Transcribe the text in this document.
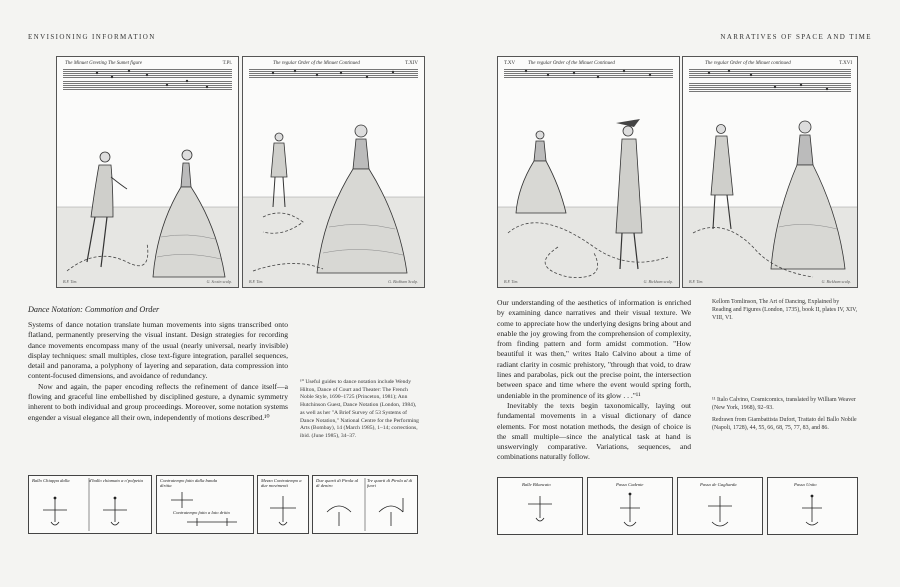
ENVISIONING INFORMATION	NARRATIVES OF SPACE AND TIME
The Minuet Greeting The Sumet figure	T.Pl.
B.F. Tim.	G. Scotin sculp.
The regular Order of the Minuet Continued	T.XIV
B.F. Tim.	G. Bickham Sculp.
T.XV	The regular Order of the Minuet Continued
B.F. Tim.	G. Bickham sculp.
The regular Order of the Minuet continued	T.XVI
B.F. Tim.	G. Bickham sculp.
Dance Notation: Commotion and Order

Systems of dance notation translate human movements into signs transcribed onto flatland, permanently preserving the visual instant. Design strategies for recording dance movements encompass many of the usual (nearly universal, nearly invisible) display techniques: small multiples, close text-figure integration, parallel sequences, detail and panorama, a polyphony of layering and separation, data compression into content-focused dimensions, and avoidance of redundancy.

Now and again, the paper encoding reflects the refinement of dance itself—a flowing and graceful line embellished by disciplined gesture, a dynamic symmetry inherent to both individual and group proceedings. Moreover, some notation systems engender a visual elegance all their own, independently of motions described.¹⁰

¹⁰ Useful guides to dance notation include Wendy Hilton, Dance of Court and Theater: The French Noble Style, 1690–1725 (Princeton, 1981); Ann Hutchinson Guest, Dance Notation (London, 1984), as well as her "A Brief Survey of 53 Systems of Dance Notation," National Centre for the Performing Arts (Bombay), 14 (March 1985), 1–14; corrections, ibid. (June 1985), 34–37.

Our understanding of the aesthetics of information is enriched by examining dance narratives and their visual texture. We come to appreciate how the underlying designs bring about and enable the joy growing from the comprehension of complexity, from finding pattern and form amidst commotion. "How beautiful it was then," writes Italo Calvino about a time of radiant clarity in cosmic prehistory, "through that void, to draw lines and parabolas, pick out the precise point, the intersection between space and time where the event would spring forth, undeniable in the prominence of its glow . . ."¹¹

Inevitably the texts begin taxonomically, laying out fundamental movements in a visual dictionary of dance elements. For most notation methods, the design of choice is the small multiple—since the analytical task at hand is unswervingly comparative. Variations, sequences, and combinations naturally follow.

Kellom Tomlinson, The Art of Dancing, Explained by Reading and Figures (London, 1735), book II, plates IV, XIV, VIII, VI.

¹¹ Italo Calvino, Cosmicomics, translated by William Weaver (New York, 1968), 92–93.

Redrawn from Giambattista Dufort, Trattato del Ballo Nobile (Napoli, 1728), 44, 55, 66, 68, 75, 77, 83, and 86.

Ballo Chiappa dalla	d'ballo chiamato a o'polpetta	Contratempo fatto dalla banda diritta
Contratempo fatto a lato dritto
Mezzo Contratempo a due movimenti
Due quarti di Pirola al di dentro
Tre quarti di Pirola al di fuori	Balle Bilancato	Passo Cadente	Passo de Gagliarda	Passo Unito
